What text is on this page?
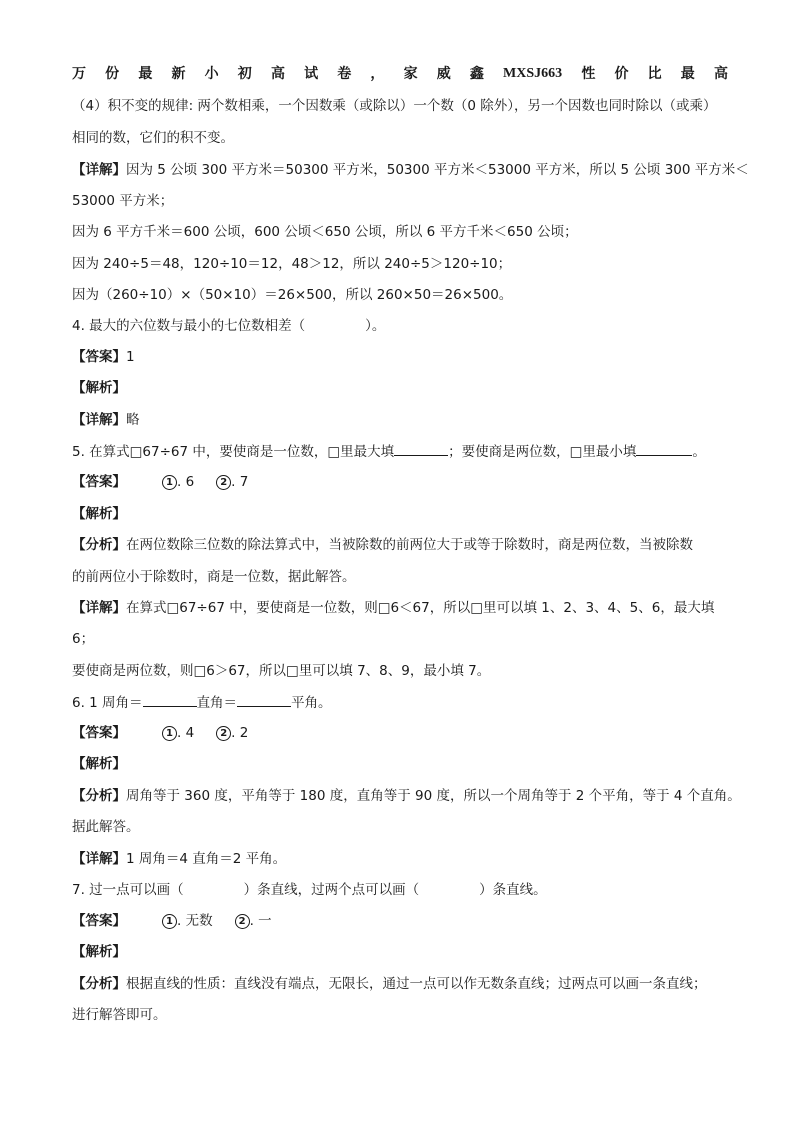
万 份 最 新 小 初 高 试 卷 ， 家 威 鑫 MXSJ663 性 价 比 最 高
（4）积不变的规律: 两个数相乘，一个因数乘（或除以）一个数（0 除外），另一个因数也同时除以（或乘）
相同的数，它们的积不变。
【详解】因为 5 公顷 300 平方米＝50300 平方米，50300 平方米＜53000 平方米，所以 5 公顷 300 平方米＜
53000 平方米；
因为 6 平方千米＝600 公顷，600 公顷＜650 公顷，所以 6 平方千米＜650 公顷；
因为 240÷5＝48，120÷10＝12，48＞12，所以 240÷5＞120÷10；
因为（260÷10）×（50×10）＝26×500，所以 260×50＝26×500。
4. 最大的六位数与最小的七位数相差（	）。
【答案】1
【解析】
【详解】略
5. 在算式□67÷67 中，要使商是一位数，□里最大填	；要使商是两位数，□里最小填	。
【答案】	1 . 6	2 . 7
【解析】
【分析】在两位数除三位数的除法算式中，当被除数的前两位大于或等于除数时，商是两位数，当被除数
的前两位小于除数时，商是一位数，据此解答。
【详解】在算式□67÷67 中，要使商是一位数，则□6＜67，所以□里可以填 1、2、3、4、5、6，最大填
6；
要使商是两位数，则□6＞67，所以□里可以填 7、8、9，最小填 7。
6. 1 周角＝	直角＝	平角。
【答案】	1 . 4	2 . 2
【解析】
【分析】周角等于 360 度，平角等于 180 度，直角等于 90 度，所以一个周角等于 2 个平角，等于 4 个直角。
据此解答。
【详解】1 周角＝4 直角＝2 平角。
7. 过一点可以画（	）条直线，过两个点可以画（	）条直线。
【答案】	1 . 无数	2 . 一
【解析】
【分析】根据直线的性质：直线没有端点，无限长，通过一点可以作无数条直线；过两点可以画一条直线；
进行解答即可。
